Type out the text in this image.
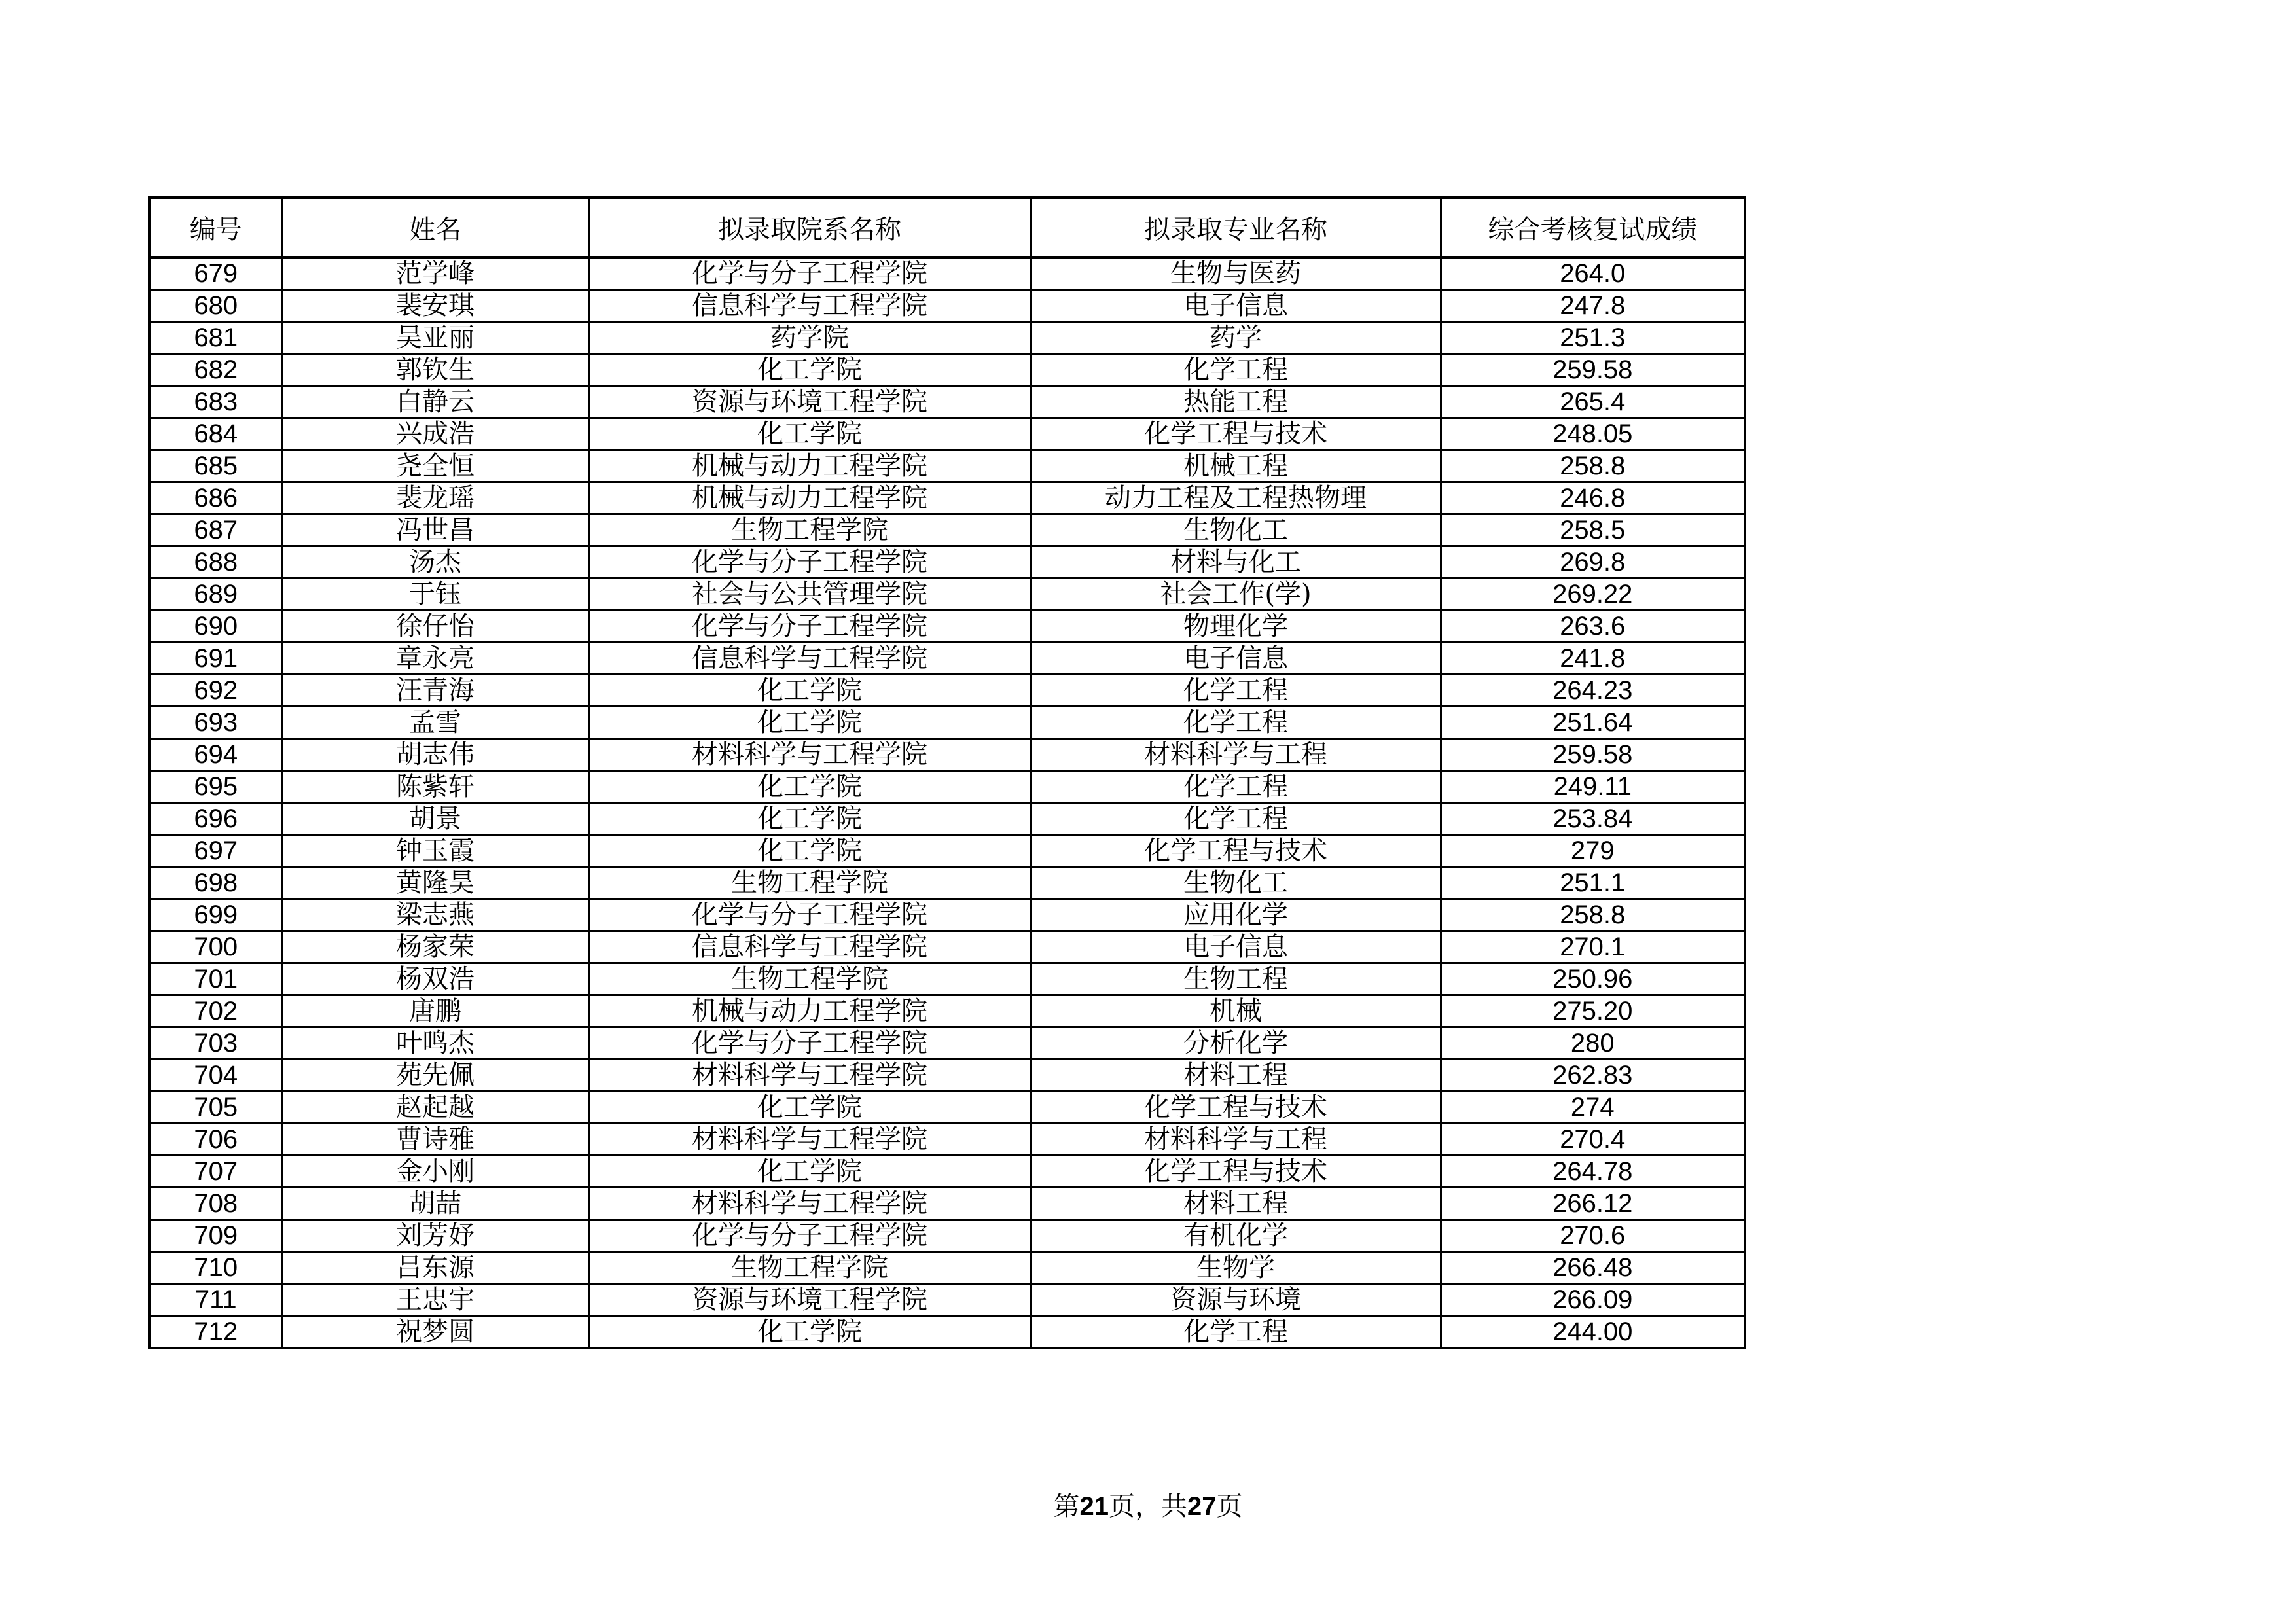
编号	姓名	拟录取院系名称	拟录取专业名称	综合考核复试成绩
679	范学峰	化学与分子工程学院	生物与医药	264.0
680	裴安琪	信息科学与工程学院	电子信息	247.8
681	吴亚丽	药学院	药学	251.3
682	郭钦生	化工学院	化学工程	259.58
683	白静云	资源与环境工程学院	热能工程	265.4
684	兴成浩	化工学院	化学工程与技术	248.05
685	尧全恒	机械与动力工程学院	机械工程	258.8
686	裴龙瑶	机械与动力工程学院	动力工程及工程热物理	246.8
687	冯世昌	生物工程学院	生物化工	258.5
688	汤杰	化学与分子工程学院	材料与化工	269.8
689	于钰	社会与公共管理学院	社会工作(学)	269.22
690	徐仔怡	化学与分子工程学院	物理化学	263.6
691	章永亮	信息科学与工程学院	电子信息	241.8
692	汪青海	化工学院	化学工程	264.23
693	孟雪	化工学院	化学工程	251.64
694	胡志伟	材料科学与工程学院	材料科学与工程	259.58
695	陈紫轩	化工学院	化学工程	249.11
696	胡景	化工学院	化学工程	253.84
697	钟玉霞	化工学院	化学工程与技术	279
698	黄隆昊	生物工程学院	生物化工	251.1
699	梁志燕	化学与分子工程学院	应用化学	258.8
700	杨家荣	信息科学与工程学院	电子信息	270.1
701	杨双浩	生物工程学院	生物工程	250.96
702	唐鹏	机械与动力工程学院	机械	275.20
703	叶鸣杰	化学与分子工程学院	分析化学	280
704	苑先佩	材料科学与工程学院	材料工程	262.83
705	赵起越	化工学院	化学工程与技术	274
706	曹诗雅	材料科学与工程学院	材料科学与工程	270.4
707	金小刚	化工学院	化学工程与技术	264.78
708	胡喆	材料科学与工程学院	材料工程	266.12
709	刘芳妤	化学与分子工程学院	有机化学	270.6
710	吕东源	生物工程学院	生物学	266.48
711	王忠宇	资源与环境工程学院	资源与环境	266.09
712	祝梦圆	化工学院	化学工程	244.00
第21页，共27页
